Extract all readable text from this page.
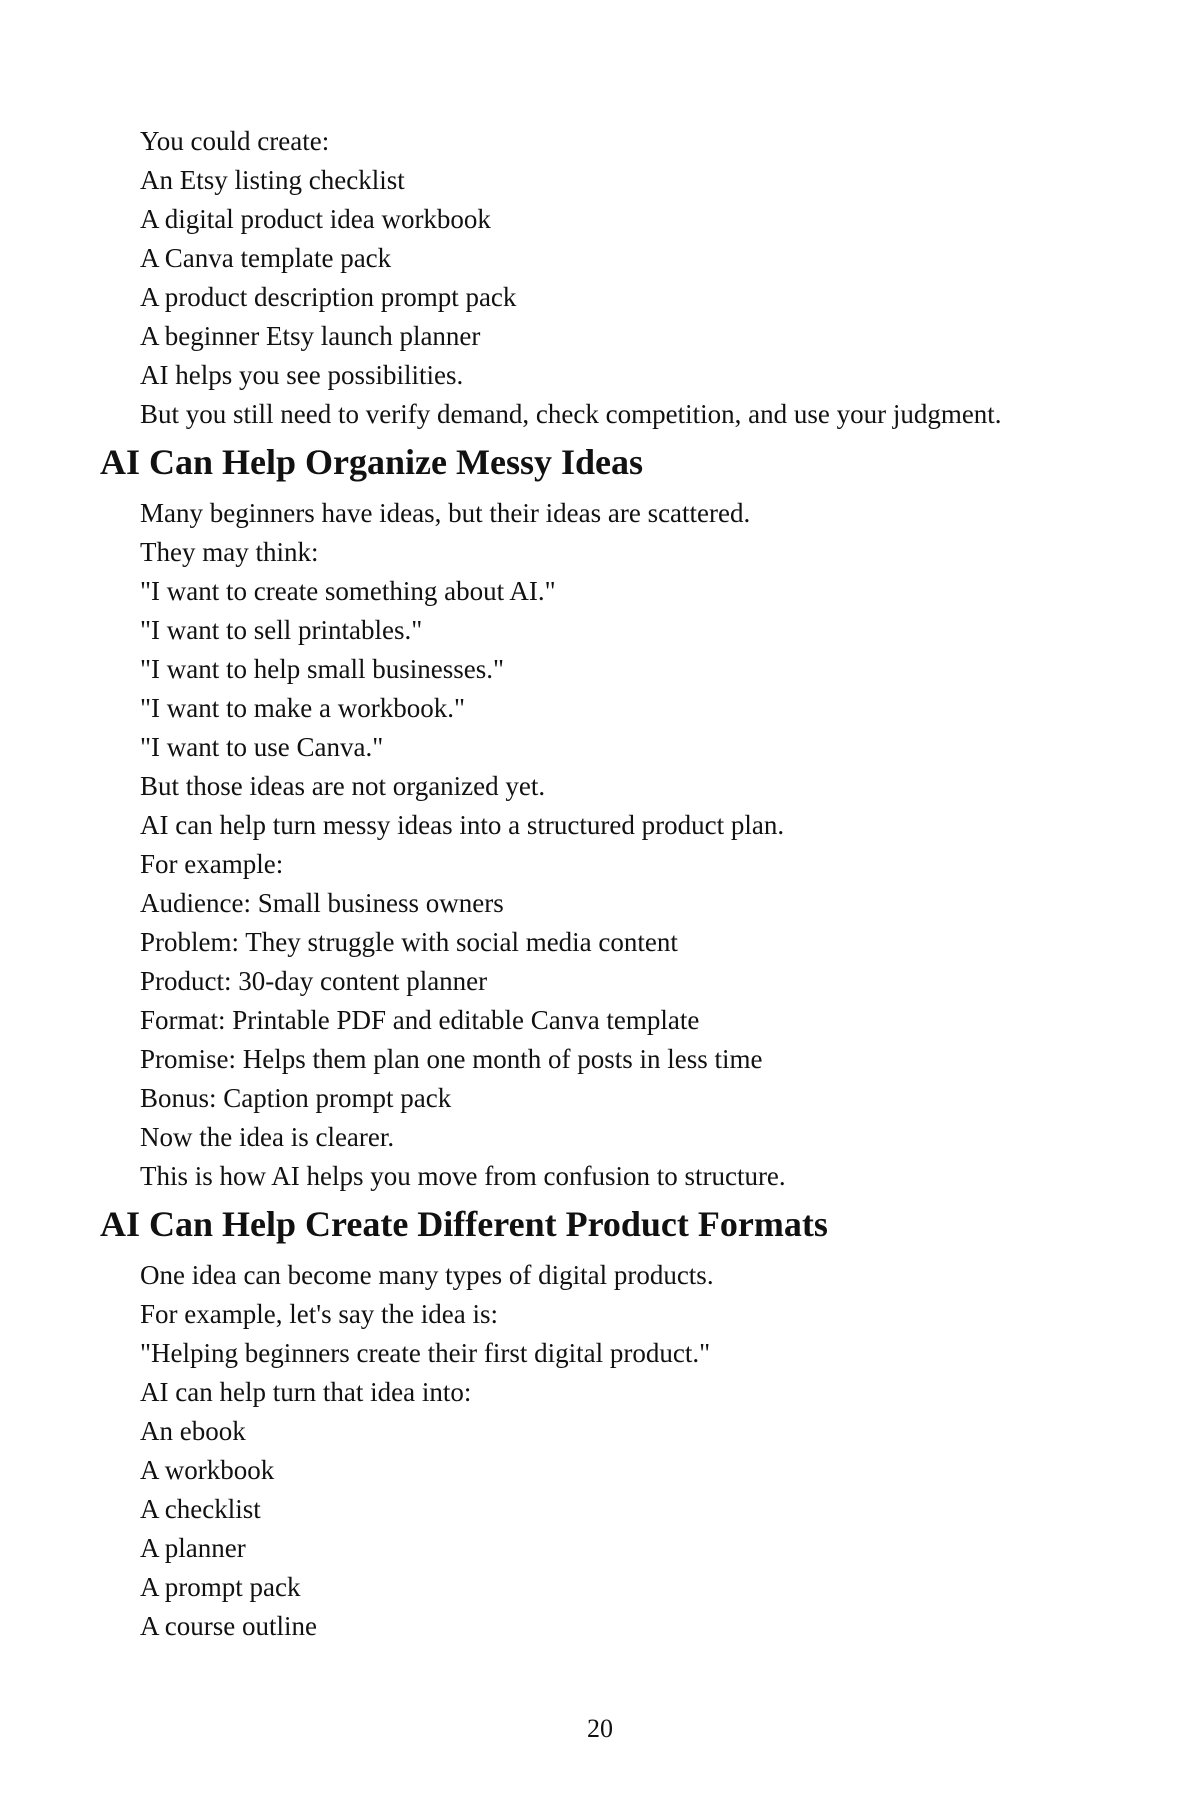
You could create:

An Etsy listing checklist

A digital product idea workbook

A Canva template pack

A product description prompt pack

A beginner Etsy launch planner

AI helps you see possibilities.

But you still need to verify demand, check competition, and use your judgment.

AI Can Help Organize Messy Ideas

Many beginners have ideas, but their ideas are scattered.

They may think:

"I want to create something about AI."

"I want to sell printables."

"I want to help small businesses."

"I want to make a workbook."

"I want to use Canva."

But those ideas are not organized yet.

AI can help turn messy ideas into a structured product plan.

For example:

Audience: Small business owners

Problem: They struggle with social media content

Product: 30-day content planner

Format: Printable PDF and editable Canva template

Promise: Helps them plan one month of posts in less time

Bonus: Caption prompt pack

Now the idea is clearer.

This is how AI helps you move from confusion to structure.

AI Can Help Create Different Product Formats

One idea can become many types of digital products.

For example, let's say the idea is:

"Helping beginners create their first digital product."

AI can help turn that idea into:

An ebook

A workbook

A checklist

A planner

A prompt pack

A course outline

20
